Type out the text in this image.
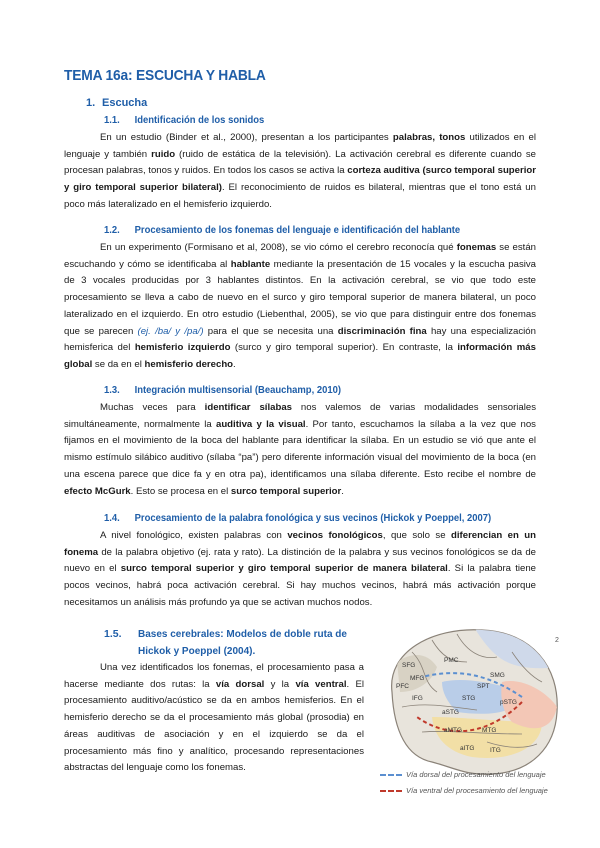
TEMA 16a: ESCUCHA Y HABLA
1. Escucha
1.1. Identificación de los sonidos
En un estudio (Binder et al., 2000), presentan a los participantes palabras, tonos utilizados en el lenguaje y también ruido (ruido de estática de la televisión). La activación cerebral es diferente cuando se procesan palabras, tonos y ruidos. En todos los casos se activa la corteza auditiva (surco temporal superior y giro temporal superior bilateral). El reconocimiento de ruidos es bilateral, mientras que el tono está un poco más lateralizado en el hemisferio izquierdo.
1.2. Procesamiento de los fonemas del lenguaje e identificación del hablante
En un experimento (Formisano et al, 2008), se vio cómo el cerebro reconocía qué fonemas se están escuchando y cómo se identificaba al hablante mediante la presentación de 15 vocales y la escucha pasiva de 3 vocales producidas por 3 hablantes distintos. En la activación cerebral, se vio que todo este procesamiento se lleva a cabo de nuevo en el surco y giro temporal superior de manera bilateral, un poco lateralizado en el izquierdo. En otro estudio (Liebenthal, 2005), se vio que para distinguir entre dos fonemas que se parecen (ej. /ba/ y /pa/) para el que se necesita una discriminación fina hay una especialización hemisferica del hemisferio izquierdo (surco y giro temporal superior). En contraste, la información más global se da en el hemisferio derecho.
1.3. Integración multisensorial (Beauchamp, 2010)
Muchas veces para identificar sílabas nos valemos de varias modalidades sensoriales simultáneamente, normalmente la auditiva y la visual. Por tanto, escuchamos la sílaba a la vez que nos fijamos en el movimiento de la boca del hablante para identificar la sílaba. En un estudio se vió que ante el mismo estímulo silábico auditivo (sílaba “pa”) pero diferente información visual del movimiento de la boca (en una escena parece que dice fa y en otra pa), identificamos una sílaba diferente. Esto recibe el nombre de efecto McGurk. Esto se procesa en el surco temporal superior.
1.4. Procesamiento de la palabra fonológica y sus vecinos (Hickok y Poeppel, 2007)
A nivel fonológico, existen palabras con vecinos fonológicos, que solo se diferencian en un fonema de la palabra objetivo (ej. rata y rato). La distinción de la palabra y sus vecinos fonológicos se da de nuevo en el surco temporal superior y giro temporal superior de manera bilateral. Si la palabra tiene pocos vecinos, habrá poca activación cerebral. Si hay muchos vecinos, habrá más activación porque necesitamos un análisis más profundo ya que se activan muchos nodos.
1.5. Bases cerebrales: Modelos de doble ruta de
Hickok y Poeppel (2004).
Una vez identificados los fonemas, el procesamiento pasa a hacerse mediante dos rutas: la vía dorsal y la vía ventral. El procesamiento auditivo/acústico se da en ambos hemisferios. En el hemisferio derecho se da el procesamiento más global (prosodia) en áreas auditivas de asociación y en el izquierdo se da el procesamiento más fino y analítico, procesando representaciones abstractas del lenguaje como los fonemas.
SMG
SPT
STG
pSTG
MTG
ITG
IFG
aSTG
aMTG
PMC
SFG
MFG
PFC
aITG
2
Vía dorsal del procesamiento del lenguaje
Vía ventral del procesamiento del lenguaje
